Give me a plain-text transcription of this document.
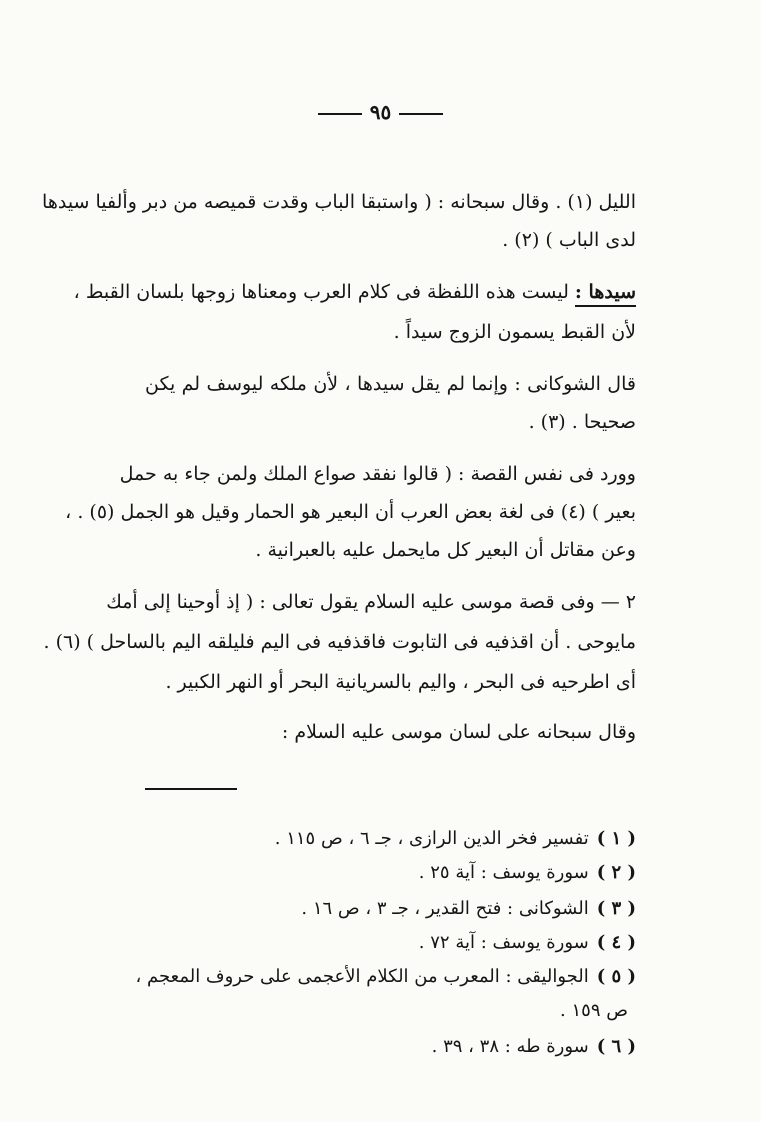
٩٥
الليل (١) . وقال سبحانه : ( واستبقا الباب وقدت قميصه من دبر وألفيا سيدها
لدى الباب ) (٢) .
سیدها : لیست هذه اللفظة فی کلام العرب ومعناها زوجها بلسان القبط ،
لأن القبط يسمون الزوج سيداً .
قال الشوكانی : وإنما لم يقل سيدها ، لأن ملكه ليوسف لم يكن
صحيحا . (٣) .
وورد فی نفس القصة : ( قالوا نفقد صواع الملك ولمن جاء به حمل
بعير ) (٤) فی لغة بعض العرب أن البعير هو الحمار وقيل هو الجمل (٥) . ،
وعن مقاتل أن البعير كل مايحمل عليه بالعبرانية .
٢ — وفی قصة موسی علیه السلام یقول تعالی : ( إذ أوحینا إلی أمك
مایوحی . أن اقذفیه فی التابوت فاقذفیه فی الیم فلیلقه الیم بالساحل ) (٦) .
أی اطرحیه فی البحر ، والیم بالسریانیة البحر أو النهر الکبیر .
وقال سبحانه علی لسان موسی علیه السلام :
( ١ )تفسير فخر الدين الرازى ، جـ ٦ ، ص ١١٥ .
( ٢ )سورة يوسف : آية ٢٥ .
( ٣ )الشوكانی : فتح القدیر ، جـ ٣ ، ص ١٦ .
( ٤ )سورة يوسف : آية ٧٢ .
( ٥ )الجواليقى : المعرب من الكلام الأعجمى على حروف المعجم ،
ص ١٥٩ .
( ٦ )سورة طه : ٣٨ ، ٣٩ .
